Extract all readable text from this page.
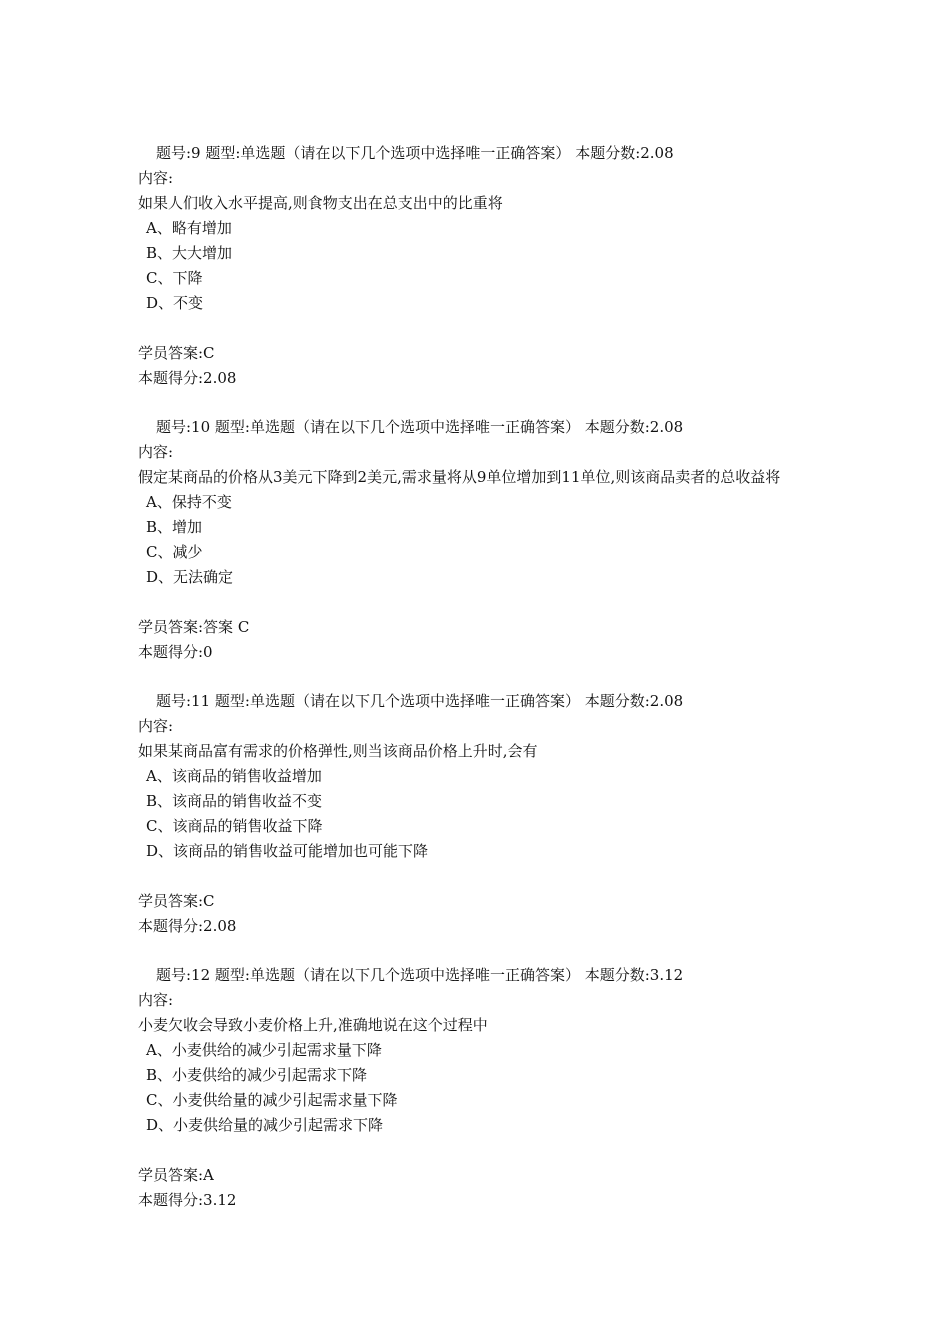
题号:9 题型:单选题（请在以下几个选项中选择唯一正确答案） 本题分数:2.08
内容:
如果人们收入水平提高,则食物支出在总支出中的比重将
A、略有增加
B、大大增加
C、下降
D、不变
学员答案:C
本题得分:2.08
题号:10 题型:单选题（请在以下几个选项中选择唯一正确答案） 本题分数:2.08
内容:
假定某商品的价格从3美元下降到2美元,需求量将从9单位增加到11单位,则该商品卖者的总收益将
A、保持不变
B、增加
C、减少
D、无法确定
学员答案:答案 C
本题得分:0
题号:11 题型:单选题（请在以下几个选项中选择唯一正确答案） 本题分数:2.08
内容:
如果某商品富有需求的价格弹性,则当该商品价格上升时,会有
A、该商品的销售收益增加
B、该商品的销售收益不变
C、该商品的销售收益下降
D、该商品的销售收益可能增加也可能下降
学员答案:C
本题得分:2.08
题号:12 题型:单选题（请在以下几个选项中选择唯一正确答案） 本题分数:3.12
内容:
小麦欠收会导致小麦价格上升,准确地说在这个过程中
A、小麦供给的减少引起需求量下降
B、小麦供给的减少引起需求下降
C、小麦供给量的减少引起需求量下降
D、小麦供给量的减少引起需求下降
学员答案:A
本题得分:3.12
